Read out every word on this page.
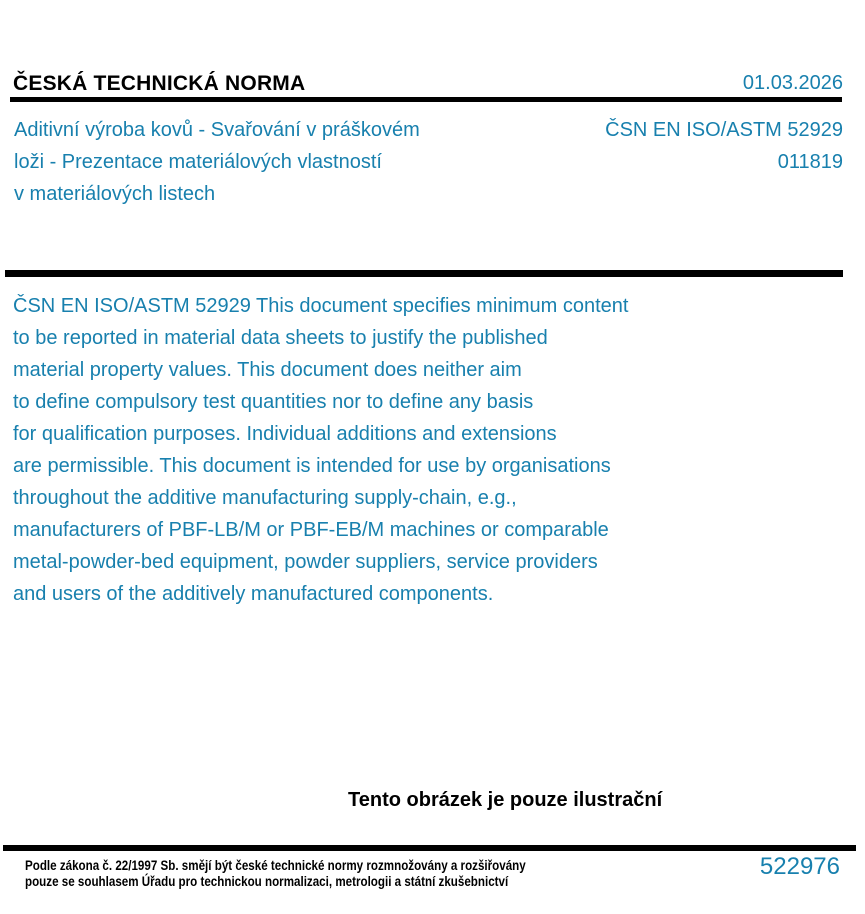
ČESKÁ TECHNICKÁ NORMA	01.03.2026
Aditivní výroba kovů - Svařování v práškovém
loži - Prezentace materiálových vlastností
v materiálových listech
ČSN EN ISO/ASTM 52929
011819
ČSN EN ISO/ASTM 52929 This document specifies minimum content
to be reported in material data sheets to justify the published
material property values. This document does neither aim
to define compulsory test quantities nor to define any basis
for qualification purposes. Individual additions and extensions
are permissible. This document is intended for use by organisations
throughout the additive manufacturing supply-chain, e.g.,
manufacturers of PBF-LB/M or PBF-EB/M machines or comparable
metal-powder-bed equipment, powder suppliers, service providers
and users of the additively manufactured components.
Tento obrázek je pouze ilustrační
Podle zákona č. 22/1997 Sb. smějí být české technické normy rozmnožovány a rozšiřovány
pouze se souhlasem Úřadu pro technickou normalizaci, metrologii a státní zkušebnictví
522976
